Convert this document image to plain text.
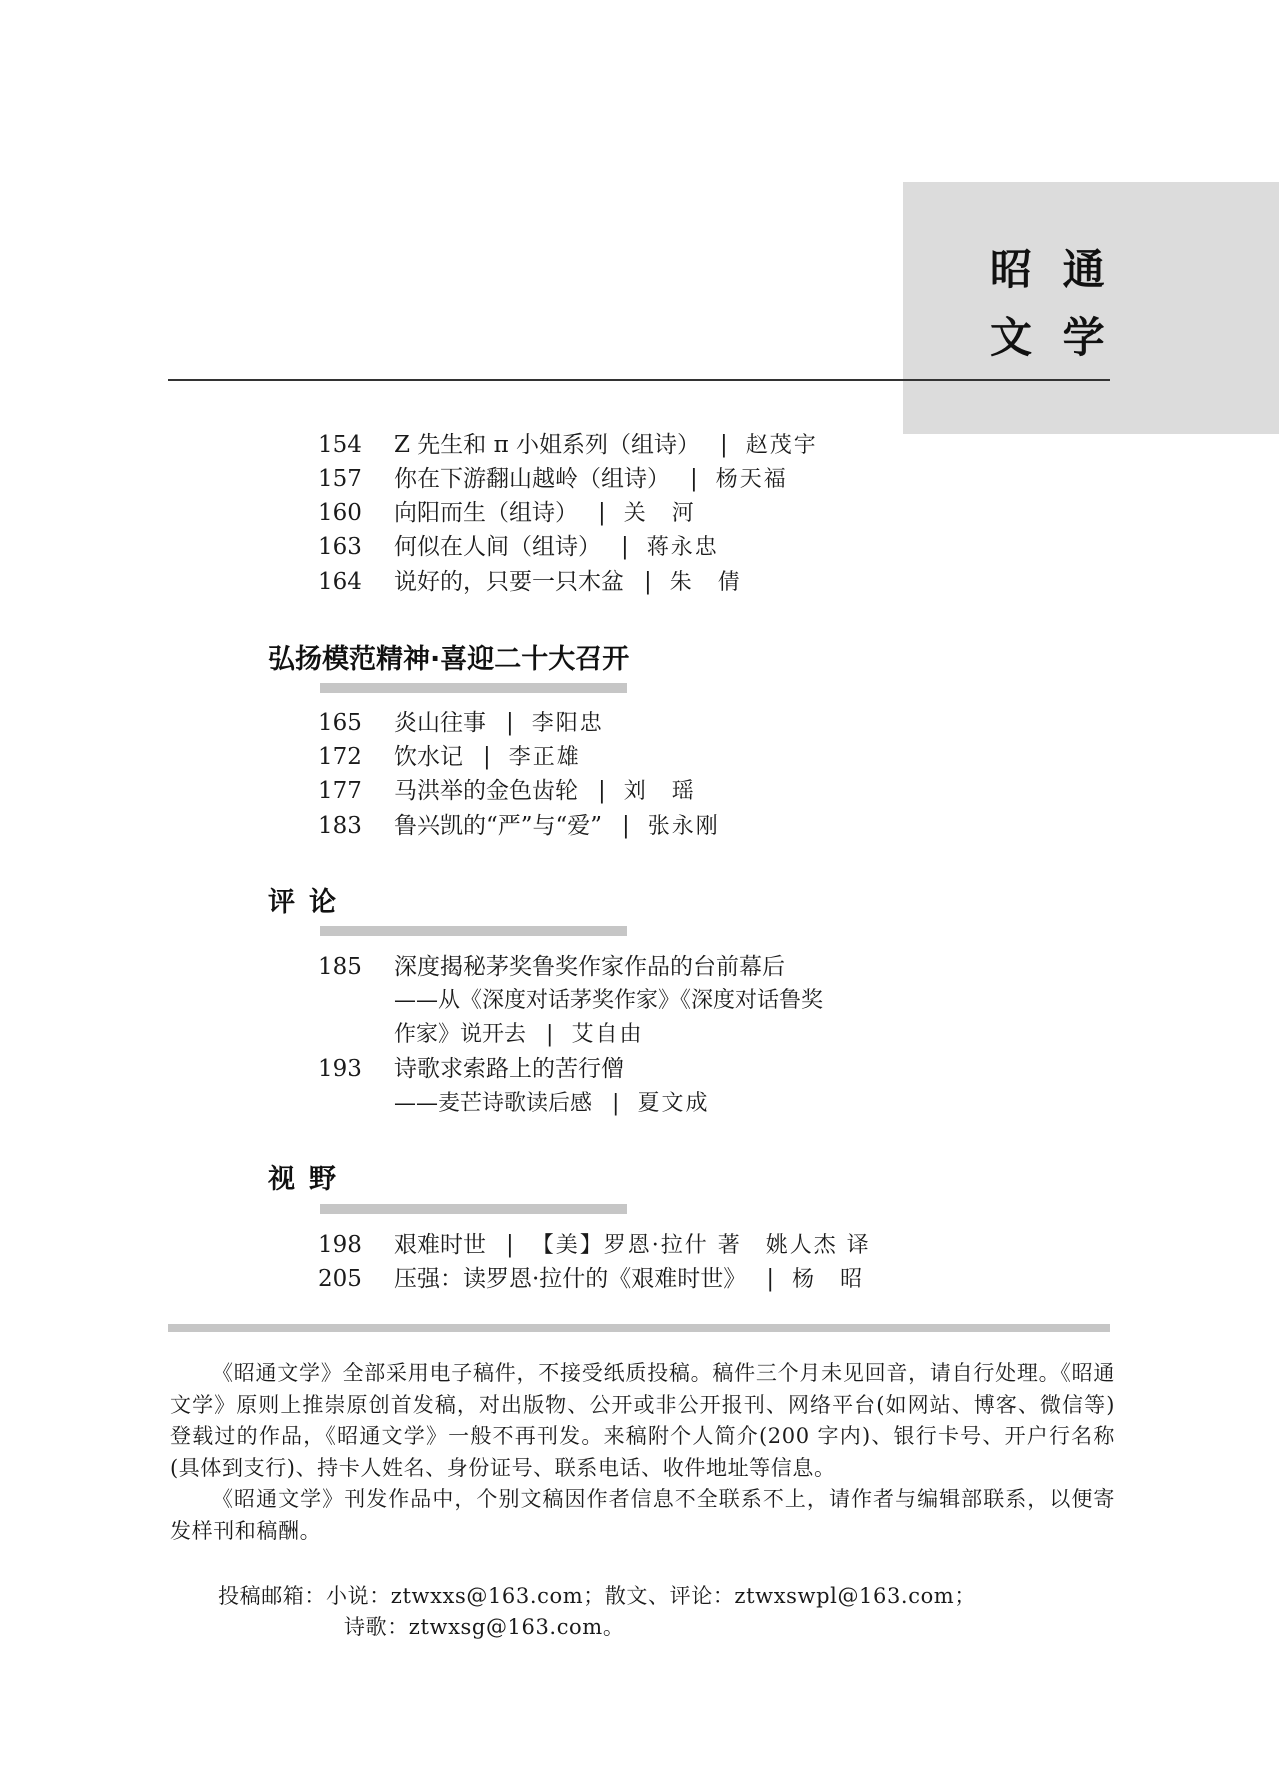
昭 通
文 学
154 Z 先生和 π 小姐系列（组诗） | 赵茂宇
157 你在下游翻山越岭（组诗） | 杨天福
160 向阳而生（组诗） | 关　河
163 何似在人间（组诗） | 蒋永忠
164 说好的，只要一只木盆 | 朱　倩
弘扬模范精神·喜迎二十大召开
165 炎山往事 | 李阳忠
172 饮水记 | 李正雄
177 马洪举的金色齿轮 | 刘　瑶
183 鲁兴凯的“严”与“爱” | 张永刚
评论
185 深度揭秘茅奖鲁奖作家作品的台前幕后
——从《深度对话茅奖作家》《深度对话鲁奖
作家》说开去 | 艾自由
193 诗歌求索路上的苦行僧
——麦芒诗歌读后感 | 夏文成
视野
198 艰难时世 | 【美】罗恩·拉什 著　姚人杰 译
205 压强：读罗恩·拉什的《艰难时世》 | 杨　昭

《昭通文学》全部采用电子稿件，不接受纸质投稿。稿件三个月未见回音，请自行处理。《昭通文学》原则上推崇原创首发稿，对出版物、公开或非公开报刊、网络平台(如网站、博客、微信等)登载过的作品，《昭通文学》一般不再刊发。来稿附个人简介(200 字内)、银行卡号、开户行名称(具体到支行)、持卡人姓名、身份证号、联系电话、收件地址等信息。

《昭通文学》刊发作品中，个别文稿因作者信息不全联系不上，请作者与编辑部联系，以便寄发样刊和稿酬。

投稿邮箱：小说：ztwxxs@163.com；散文、评论：ztwxswpl@163.com；
诗歌：ztwxsg@163.com。
